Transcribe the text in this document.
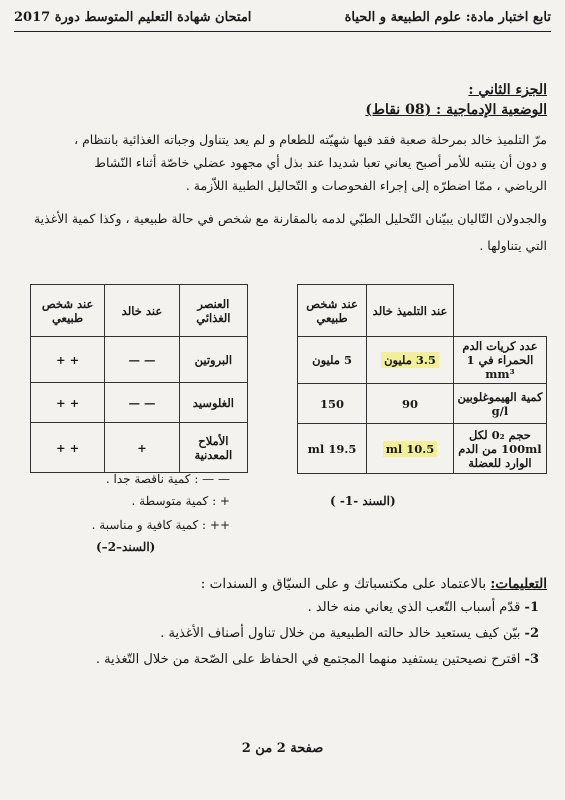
تابع اختبار مادة: علوم الطبيعة و الحياة
امتحان شهادة التعليم المتوسط دورة 2017
الجزء الثاني :
الوضعية الإدماجية : (08 نقاط)
مرّ التلميذ خالد بمرحلة صعبة فقد فيها شهيّته للطعام و لم يعد يتناول وجباته الغذائية بانتظام ،
و دون أن ينتبه للأمر أصبح يعاني تعبا شديدا عند بذل أي مجهود عضلي خاصّة أثناء النّشاط
الرياضي ، ممّا اضطرّه إلى إجراء الفحوصات و التّحاليل الطبية اللاّزمة .
والجدولان التّاليان يبيّنان التّحليل الطبّي لدمه بالمقارنة مع شخص في حالة طبيعية ، وكذا كمية الأغذية
التي يتناولها .
	عند التلميذ خالد	عند شخص طبيعي
عدد كريات الدم الحمراء في 1 mm³	3.5 مليون	5 مليون
كمية الهيموغلوبين g/l	90	150
حجم 0₂ لكل 100ml من الدم الوارد للعضلة	10.5 ml	19.5 ml
العنصر الغذائي	عند خالد	عند شخص طبيعي
البروتين	— —	+ +
الغلوسيد	— —	+ +
الأملاح المعدنية	+	+ +
— — : كمية ناقصة جدا .
+ : كمية متوسطة .
++ : كمية كافية و مناسبة .
(السند–2–)
(السند -1- )
التعليمات: بالاعتماد على مكتسباتك و على السيّاق و السندات :
1- قدّم أسباب التّعب الذي يعاني منه خالد .
2- بيّن كيف يستعيد خالد حالته الطبيعية من خلال تناول أصناف الأغذية .
3- اقترح نصيحتين يستفيد منهما المجتمع في الحفاظ على الصّحة من خلال التّغذية .
صفحة 2 من 2
